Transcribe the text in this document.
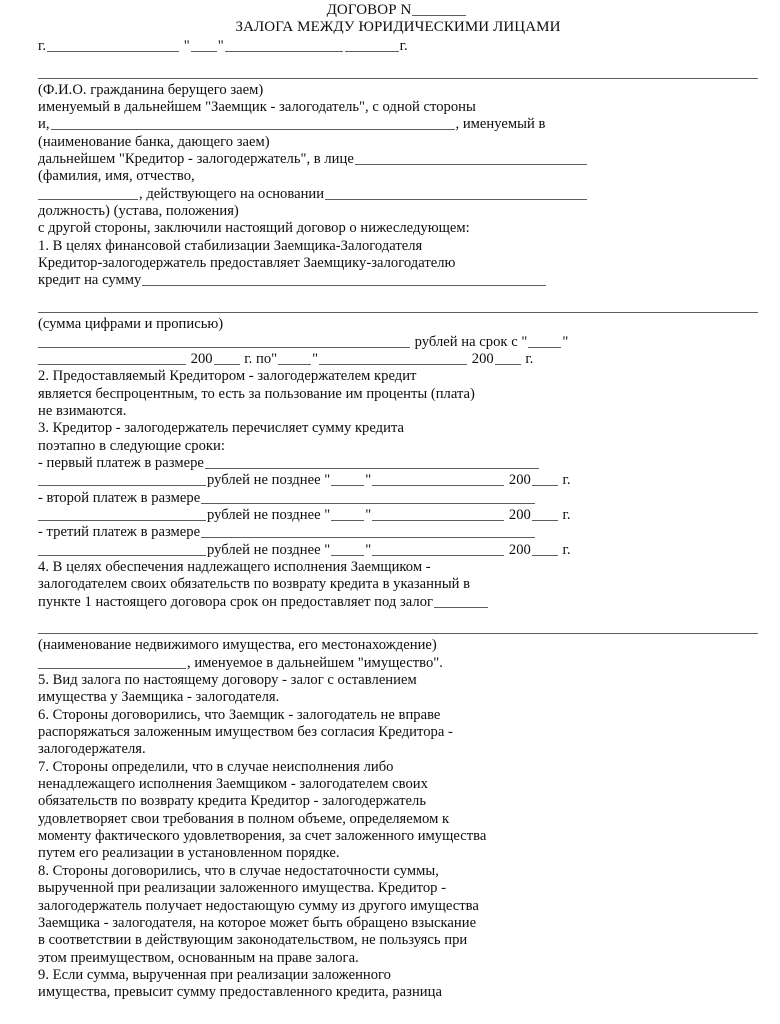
ДОГОВОР N
ЗАЛОГА МЕЖДУ ЮРИДИЧЕСКИМИ ЛИЦАМИ
г.	" "	г.
(Ф.И.О. гражданина берущего заем)
именуемый в дальнейшем "Заемщик - залогодатель", с одной стороны
и,	, именуемый в
(наименование банка, дающего заем)
дальнейшем "Кредитор - залогодержатель", в лице
(фамилия, имя, отчество,
, действующего на основании
должность) (устава, положения)
с другой стороны, заключили настоящий договор о нижеследующем:
1. В целях финансовой стабилизации Заемщика-Залогодателя
Кредитор-залогодержатель предоставляет Заемщику-залогодателю
кредит на сумму
(сумма цифрами и прописью)
рублей на срок с " "
200 г. по" "	200 г.
2. Предоставляемый Кредитором - залогодержателем кредит
является беспроцентным, то есть за пользование им проценты (плата)
не взимаются.
3. Кредитор - залогодержатель перечисляет сумму кредита
поэтапно в следующие сроки:
- первый платеж в размере
рублей не позднее " "	200 г.
- второй платеж в размере
рублей не позднее " "	200 г.
- третий платеж в размере
рублей не позднее " "	200 г.
4. В целях обеспечения надлежащего исполнения Заемщиком -
залогодателем своих обязательств по возврату кредита в указанный в
пункте 1 настоящего договора срок он предоставляет под залог
(наименование недвижимого имущества, его местонахождение)
, именуемое в дальнейшем "имущество".
5. Вид залога по настоящему договору - залог с оставлением
имущества у Заемщика - залогодателя.
6. Стороны договорились, что Заемщик - залогодатель не вправе
распоряжаться заложенным имуществом без согласия Кредитора -
залогодержателя.
7. Стороны определили, что в случае неисполнения либо
ненадлежащего исполнения Заемщиком - залогодателем своих
обязательств по возврату кредита Кредитор - залогодержатель
удовлетворяет свои требования в полном объеме, определяемом к
моменту фактического удовлетворения, за счет заложенного имущества
путем его реализации в установленном порядке.
8. Стороны договорились, что в случае недостаточности суммы,
вырученной при реализации заложенного имущества. Кредитор -
залогодержатель получает недостающую сумму из другого имущества
Заемщика - залогодателя, на которое может быть обращено взыскание
в соответствии в действующим законодательством, не пользуясь при
этом преимуществом, основанным на праве залога.
9. Если сумма, вырученная при реализации заложенного
имущества, превысит сумму предоставленного кредита, разница
